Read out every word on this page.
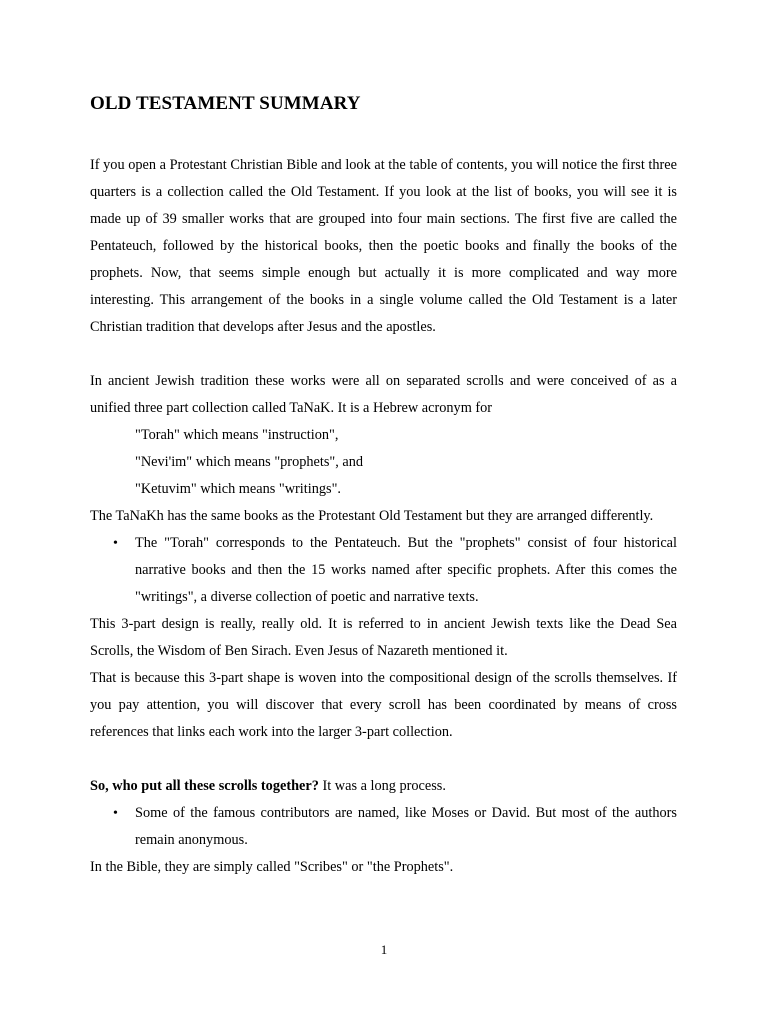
OLD TESTAMENT SUMMARY

If you open a Protestant Christian Bible and look at the table of contents, you will notice the first three quarters is a collection called the Old Testament. If you look at the list of books, you will see it is made up of 39 smaller works that are grouped into four main sections. The first five are called the Pentateuch, followed by the historical books, then the poetic books and finally the books of the prophets. Now, that seems simple enough but actually it is more complicated and way more interesting. This arrangement of the books in a single volume called the Old Testament is a later Christian tradition that develops after Jesus and the apostles.

In ancient Jewish tradition these works were all on separated scrolls and were conceived of as a unified three part collection called TaNaK. It is a Hebrew acronym for

"Torah" which means "instruction",
"Nevi'im" which means "prophets", and
"Ketuvim" which means "writings".

The TaNaKh has the same books as the Protestant Old Testament but they are arranged differently.

• The "Torah" corresponds to the Pentateuch. But the "prophets" consist of four historical narrative books and then the 15 works named after specific prophets. After this comes the "writings", a diverse collection of poetic and narrative texts.

This 3-part design is really, really old. It is referred to in ancient Jewish texts like the Dead Sea Scrolls, the Wisdom of Ben Sirach. Even Jesus of Nazareth mentioned it.

That is because this 3-part shape is woven into the compositional design of the scrolls themselves. If you pay attention, you will discover that every scroll has been coordinated by means of cross references that links each work into the larger 3-part collection.

So, who put all these scrolls together? It was a long process.

• Some of the famous contributors are named, like Moses or David. But most of the authors remain anonymous.

In the Bible, they are simply called "Scribes" or "the Prophets".

1
